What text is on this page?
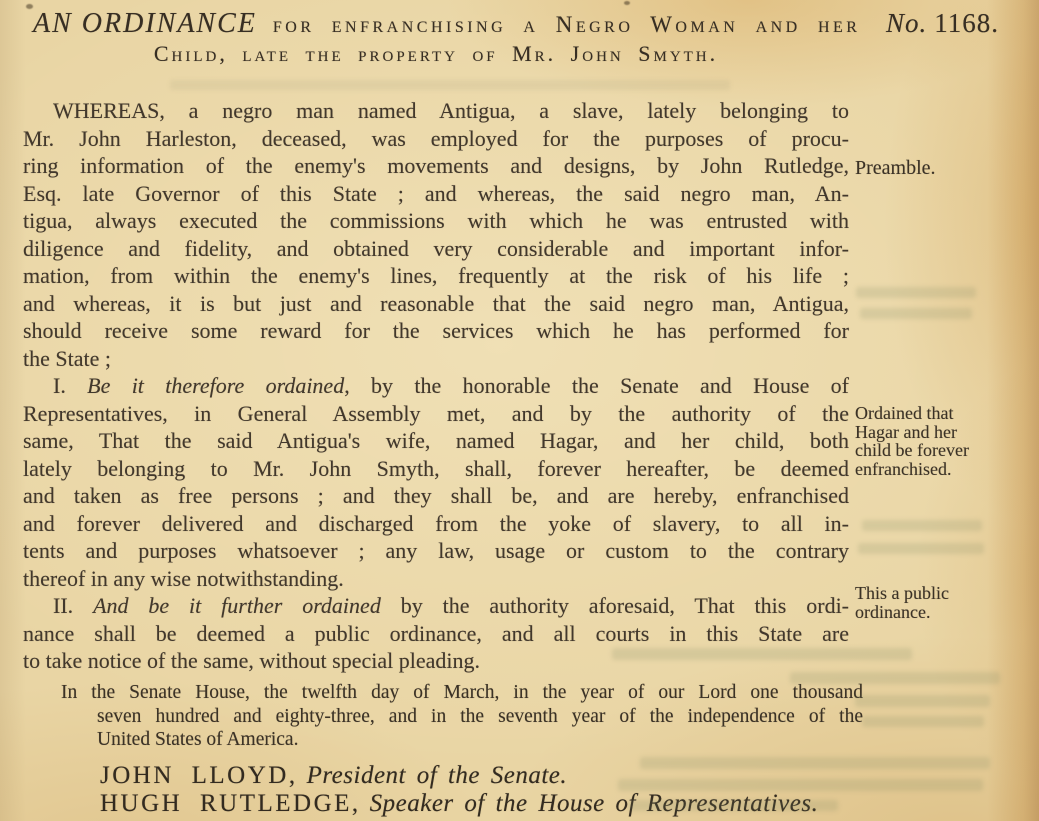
AN ORDINANCE for enfranchising a Negro Woman and her No. 1168.
Child, late the property of Mr. John Smyth.
WHEREAS, a negro man named Antigua, a slave, lately belonging to
Mr. John Harleston, deceased, was employed for the purposes of procu-
ring information of the enemy's movements and designs, by John Rutledge,
Esq. late Governor of this State ; and whereas, the said negro man, An-
tigua, always executed the commissions with which he was entrusted with
diligence and fidelity, and obtained very considerable and important infor-
mation, from within the enemy's lines, frequently at the risk of his life ;
and whereas, it is but just and reasonable that the said negro man, Antigua,
should receive some reward for the services which he has performed for
the State ;
I. Be it therefore ordained, by the honorable the Senate and House of
Representatives, in General Assembly met, and by the authority of the
same, That the said Antigua's wife, named Hagar, and her child, both
lately belonging to Mr. John Smyth, shall, forever hereafter, be deemed
and taken as free persons ; and they shall be, and are hereby, enfranchised
and forever delivered and discharged from the yoke of slavery, to all in-
tents and purposes whatsoever ; any law, usage or custom to the contrary
thereof in any wise notwithstanding.
II. And be it further ordained by the authority aforesaid, That this ordi-
nance shall be deemed a public ordinance, and all courts in this State are
to take notice of the same, without special pleading.
Preamble.
Ordained that
Hagar and her
child be forever
enfranchised.
This a public
ordinance.
In the Senate House, the twelfth day of March, in the year of our Lord one thousand
seven hundred and eighty-three, and in the seventh year of the independence of the
United States of America.
JOHN LLOYD, President of the Senate.
HUGH RUTLEDGE, Speaker of the House of Representatives.
